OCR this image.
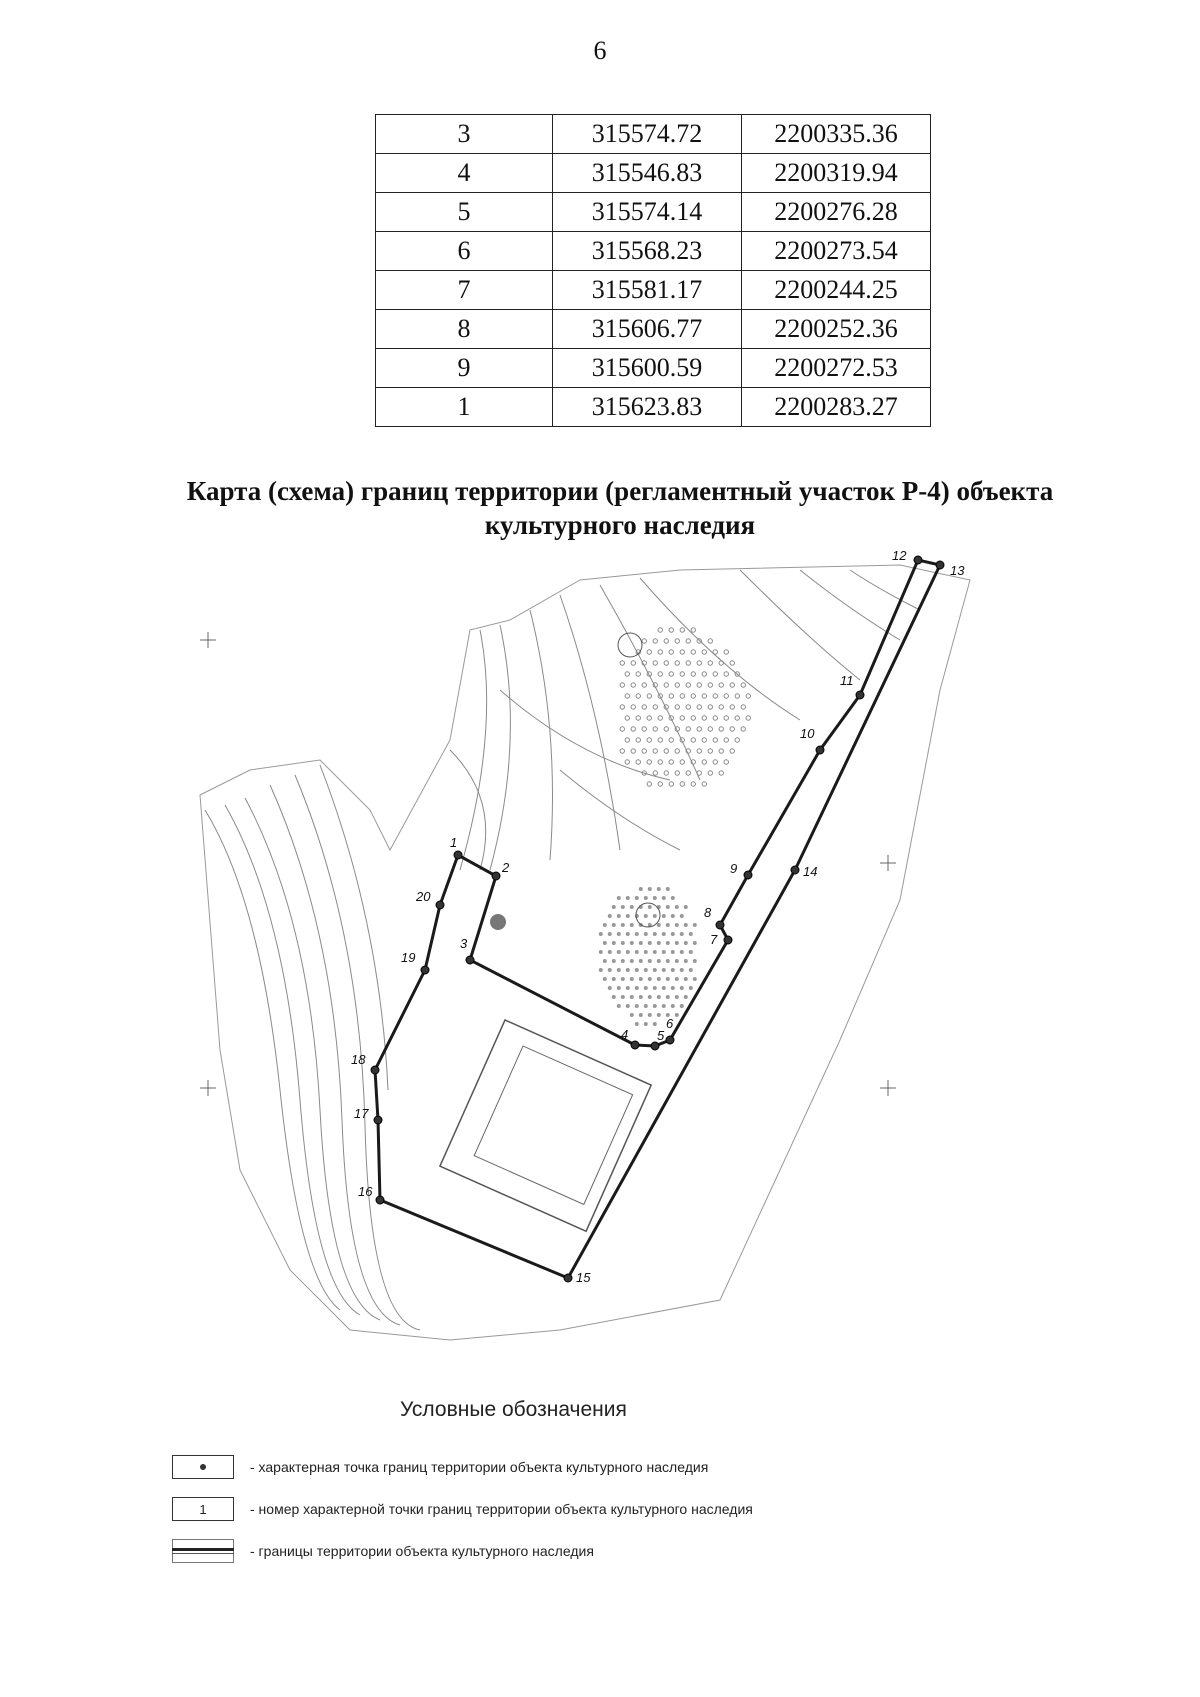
6
3	315574.72	2200335.36
4	315546.83	2200319.94
5	315574.14	2200276.28
6	315568.23	2200273.54
7	315581.17	2200244.25
8	315606.77	2200252.36
9	315600.59	2200272.53
1	315623.83	2200283.27
Карта (схема) границ территории (регламентный участок Р-4) объекта
культурного наследия
1
2
3
4 5
6
7
8
9
10
11
12
13
14
15
16
17
18
19
20
Условные обозначения
- характерная точка границ территории объекта культурного наследия
1	- номер характерной точки границ территории объекта культурного наследия
- границы территории объекта культурного наследия
